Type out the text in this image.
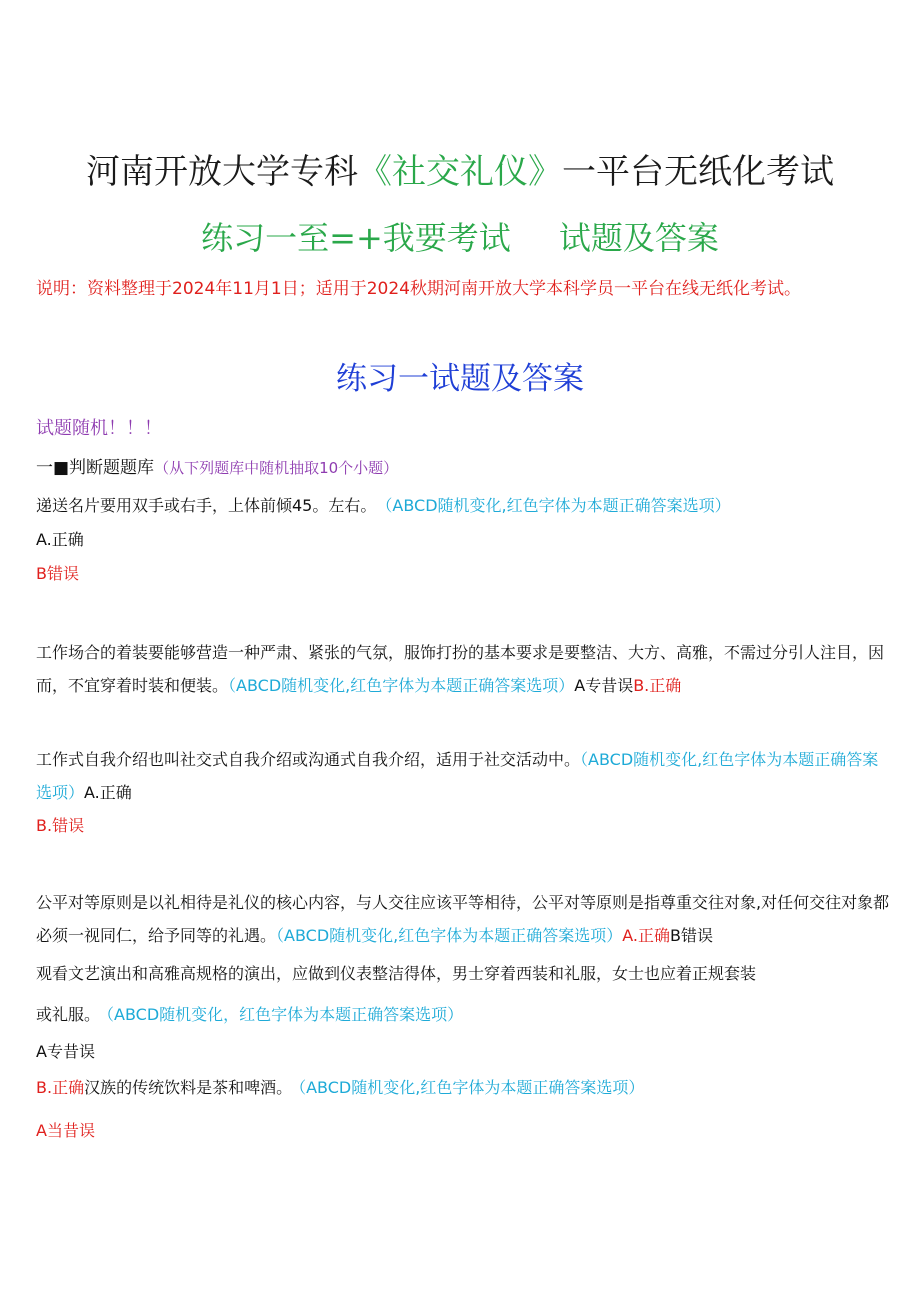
河南开放大学专科《社交礼仪》一平台无纸化考试
练习一至=+我要考试 试题及答案
说明：资料整理于2024年11月1日；适用于2024秋期河南开放大学本科学员一平台在线无纸化考试。
练习一试题及答案
试题随机！！！
一■判断题题库（从下列题库中随机抽取10个小题）
递送名片要用双手或右手，上体前倾45。左右。 （ABCD随机变化,红色字体为本题正确答案选项）
A.正确
B错误
工作场合的着装要能够营造一种严肃、紧张的气氛，服饰打扮的基本要求是要整洁、大方、高雅，不需过分引人注目，因而，不宜穿着时装和便装。（ABCD随机变化,红色字体为本题正确答案选项）A专昔误B.正确
工作式自我介绍也叫社交式自我介绍或沟通式自我介绍，适用于社交活动中。（ABCD随机变化,红色字体为本题正确答案选项）A.正确
B.错误
公平对等原则是以礼相待是礼仪的核心内容，与人交往应该平等相待，公平对等原则是指尊重交往对象,对任何交往对象都必须一视同仁，给予同等的礼遇。（ABCD随机变化,红色字体为本题正确答案选项）A.正确B错误
观看文艺演出和高雅高规格的演出，应做到仪表整洁得体，男士穿着西装和礼服，女士也应着正规套装
或礼服。 （ABCD随机变化，红色字体为本题正确答案选项）
A专昔误
B.正确汉族的传统饮料是茶和啤酒。 （ABCD随机变化,红色字体为本题正确答案选项）
A当昔误
